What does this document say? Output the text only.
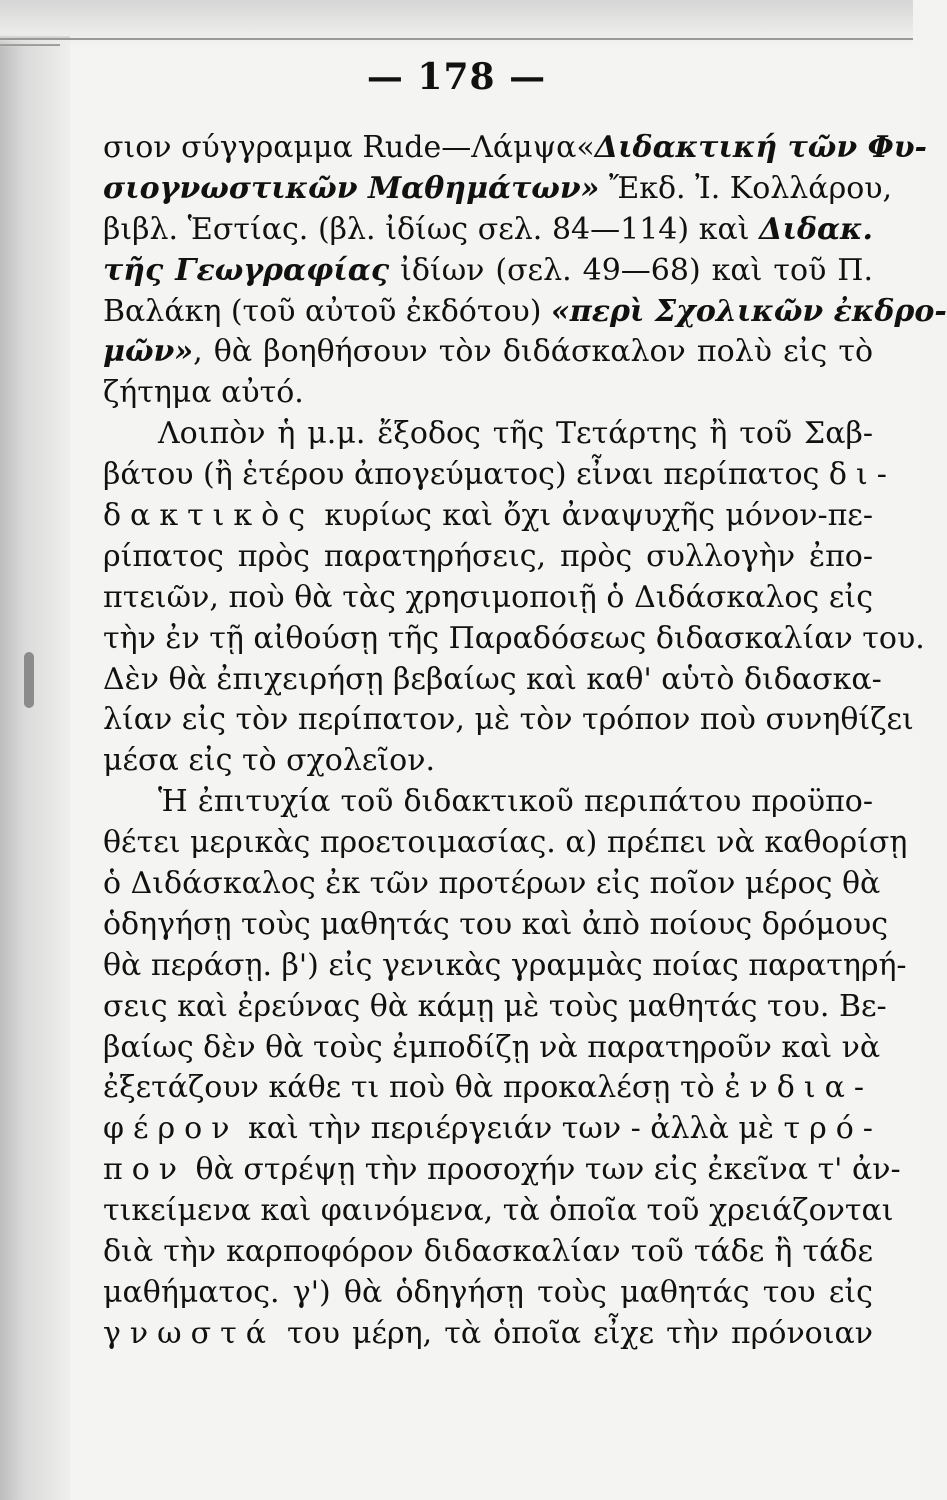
— 178 —
σιον σύγγραμμα Rude—Λάμψα«Διδακτική τῶν Φυ-
σιογνωστικῶν Μαθημάτων» Ἔκδ. Ἰ. Κολλάρου,
βιβλ. Ἑστίας. (βλ. ἰδίως σελ. 84—114) καὶ Διδακ.
τῆς Γεωγραφίας ἰδίων (σελ. 49—68) καὶ τοῦ Π.
Βαλάκη (τοῦ αὐτοῦ ἐκδότου) «περὶ Σχολικῶν ἐκδρο-
μῶν», θὰ βοηθήσουν τὸν διδάσκαλον πολὺ εἰς τὸ
ζήτημα αὐτό.
Λοιπὸν ἡ μ.μ. ἔξοδος τῆς Τετάρτης ἢ τοῦ Σαβ-
βάτου (ἢ ἑτέρου ἀπογεύματος) εἶναι περίπατος δι-
δακτικὸς κυρίως καὶ ὄχι ἀναψυχῆς μόνον-πε-
ρίπατος πρὸς παρατηρήσεις, πρὸς συλλογὴν ἐπο-
πτειῶν, ποὺ θὰ τὰς χρησιμοποιῇ ὁ Διδάσκαλος εἰς
τὴν ἐν τῇ αἰθούσῃ τῆς Παραδόσεως διδασκαλίαν του.
Δὲν θὰ ἐπιχειρήσῃ βεβαίως καὶ καθ' αὑτὸ διδασκα-
λίαν εἰς τὸν περίπατον, μὲ τὸν τρόπον ποὺ συνηθίζει
μέσα εἰς τὸ σχολεῖον.
Ἡ ἐπιτυχία τοῦ διδακτικοῦ περιπάτου προϋπο-
θέτει μερικὰς προετοιμασίας. α) πρέπει νὰ καθορίσῃ
ὁ Διδάσκαλος ἐκ τῶν προτέρων εἰς ποῖον μέρος θὰ
ὁδηγήσῃ τοὺς μαθητάς του καὶ ἀπὸ ποίους δρόμους
θὰ περάσῃ. β') εἰς γενικὰς γραμμὰς ποίας παρατηρή-
σεις καὶ ἐρεύνας θὰ κάμῃ μὲ τοὺς μαθητάς του. Βε-
βαίως δὲν θὰ τοὺς ἐμποδίζῃ νὰ παρατηροῦν καὶ νὰ
ἐξετάζουν κάθε τι ποὺ θὰ προκαλέσῃ τὸ ἐνδια-
φέρον καὶ τὴν περιέργειάν των - ἀλλὰ μὲ τρό-
πον θὰ στρέψῃ τὴν προσοχήν των εἰς ἐκεῖνα τ' ἀν-
τικείμενα καὶ φαινόμενα, τὰ ὁποῖα τοῦ χρειάζονται
διὰ τὴν καρποφόρον διδασκαλίαν τοῦ τάδε ἢ τάδε
μαθήματος. γ') θὰ ὁδηγήσῃ τοὺς μαθητάς του εἰς
γνωστά του μέρη, τὰ ὁποῖα εἶχε τὴν πρόνοιαν
